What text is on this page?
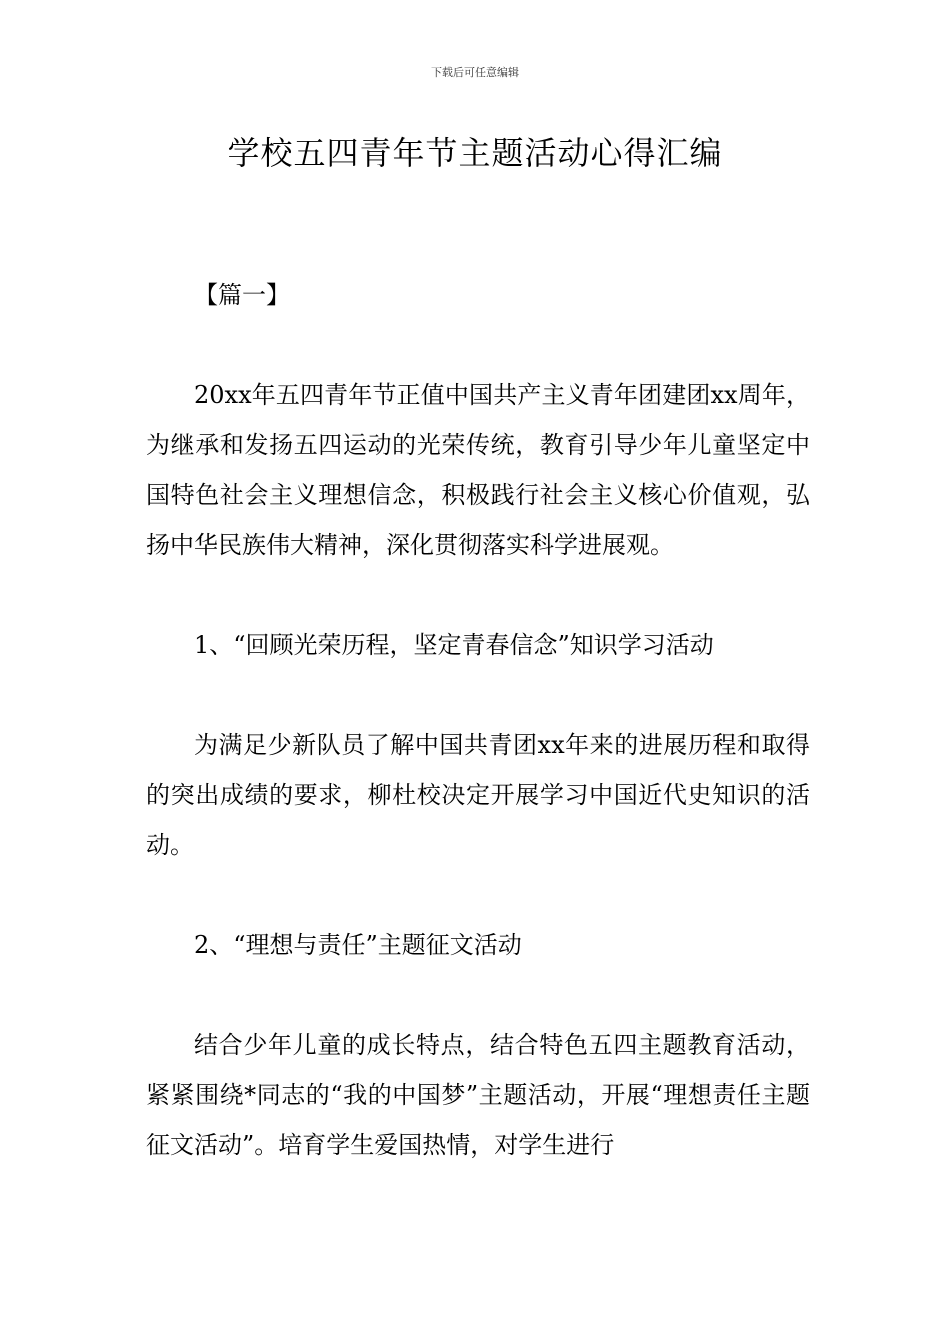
下载后可任意编辑
学校五四青年节主题活动心得汇编

【篇一】

20xx年五四青年节正值中国共产主义青年团建团xx周年，为继承和发扬五四运动的光荣传统，教育引导少年儿童坚定中国特色社会主义理想信念，积极践行社会主义核心价值观，弘扬中华民族伟大精神，深化贯彻落实科学进展观。

1、“回顾光荣历程，坚定青春信念”知识学习活动

为满足少新队员了解中国共青团xx年来的进展历程和取得的突出成绩的要求，柳杜校决定开展学习中国近代史知识的活动。

2、“理想与责任”主题征文活动

结合少年儿童的成长特点，结合特色五四主题教育活动，紧紧围绕*同志的“我的中国梦”主题活动，开展“理想责任主题征文活动”。培育学生爱国热情，对学生进行
